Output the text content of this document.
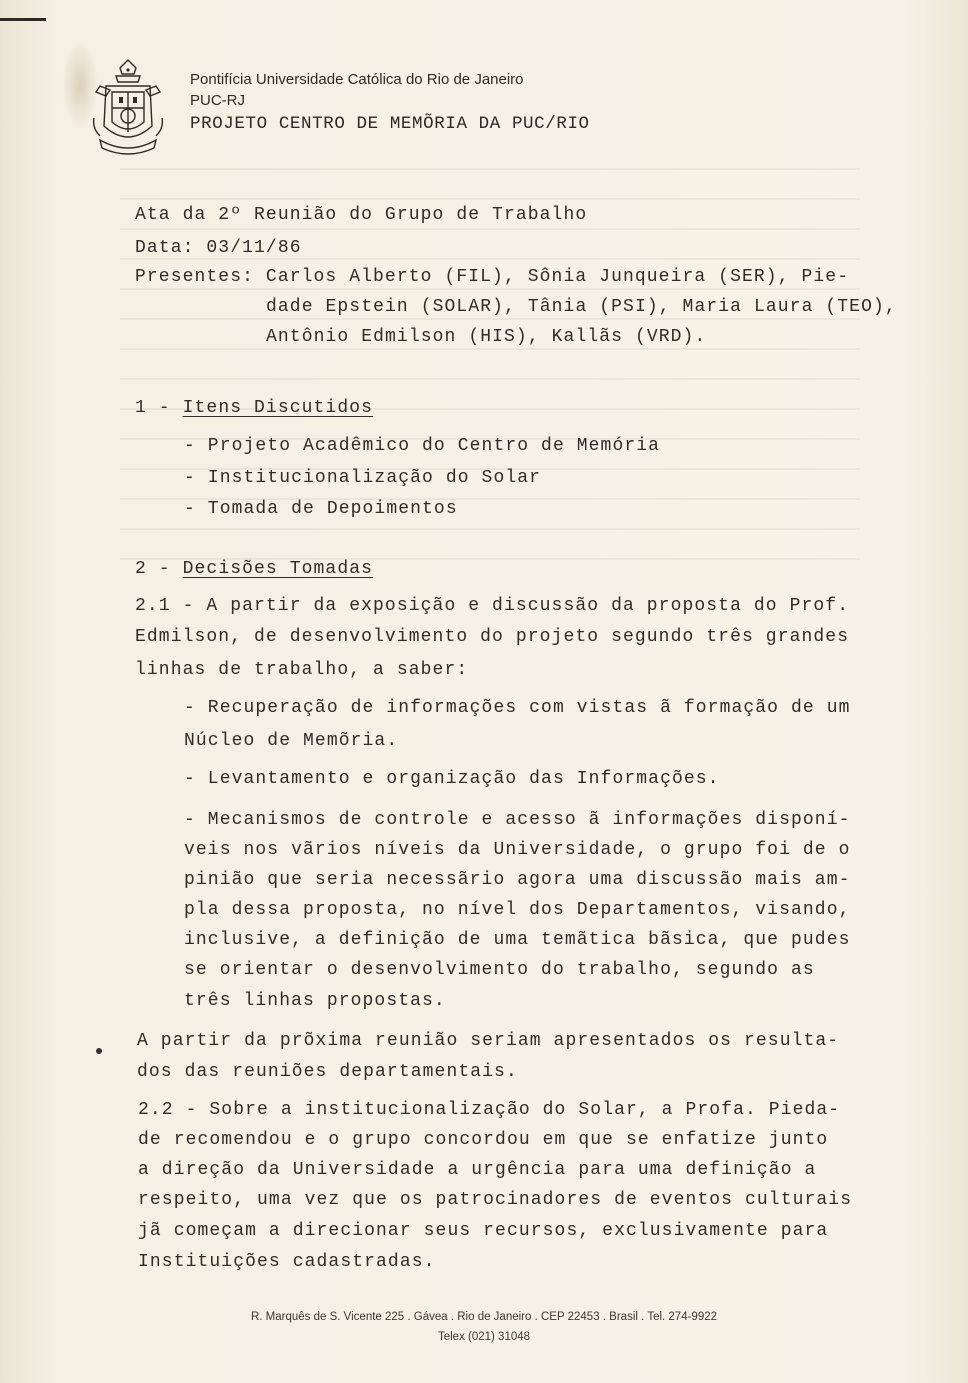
Pontifícia Universidade Católica do Rio de Janeiro
PUC-RJ
PROJETO CENTRO DE MEMÕRIA DA PUC/RIO
Ata da 2º Reunião do Grupo de Trabalho
Data: 03/11/86
Presentes: Carlos Alberto (FIL), Sônia Junqueira (SER), Pie-
dade Epstein (SOLAR), Tânia (PSI), Maria Laura (TEO),
Antônio Edmilson (HIS), Kallãs (VRD).
1 - Itens Discutidos
- Projeto Acadêmico do Centro de Memória
- Institucionalização do Solar
- Tomada de Depoimentos
2 - Decisões Tomadas
2.1 - A partir da exposição e discussão da proposta do Prof.
Edmilson, de desenvolvimento do projeto segundo três grandes
linhas de trabalho, a saber:
- Recuperação de informações com vistas ã formação de um
Núcleo de Memõria.
- Levantamento e organização das Informações.
- Mecanismos de controle e acesso ã informações disponí-
veis nos vãrios níveis da Universidade, o grupo foi de o
pinião que seria necessãrio agora uma discussão mais am-
pla dessa proposta, no nível dos Departamentos, visando,
inclusive, a definição de uma temãtica bãsica, que pudes
se orientar o desenvolvimento do trabalho, segundo as
três linhas propostas.
A partir da prõxima reunião seriam apresentados os resulta-
dos das reuniões departamentais.
2.2 - Sobre a institucionalização do Solar, a Profa. Pieda-
de recomendou e o grupo concordou em que se enfatize junto
a direção da Universidade a urgência para uma definição a
respeito, uma vez que os patrocinadores de eventos culturais
jã começam a direcionar seus recursos, exclusivamente para
Instituições cadastradas.
R. Marquês de S. Vicente 225 . Gávea . Rio de Janeiro . CEP 22453 . Brasil . Tel. 274-9922
Telex (021) 31048
